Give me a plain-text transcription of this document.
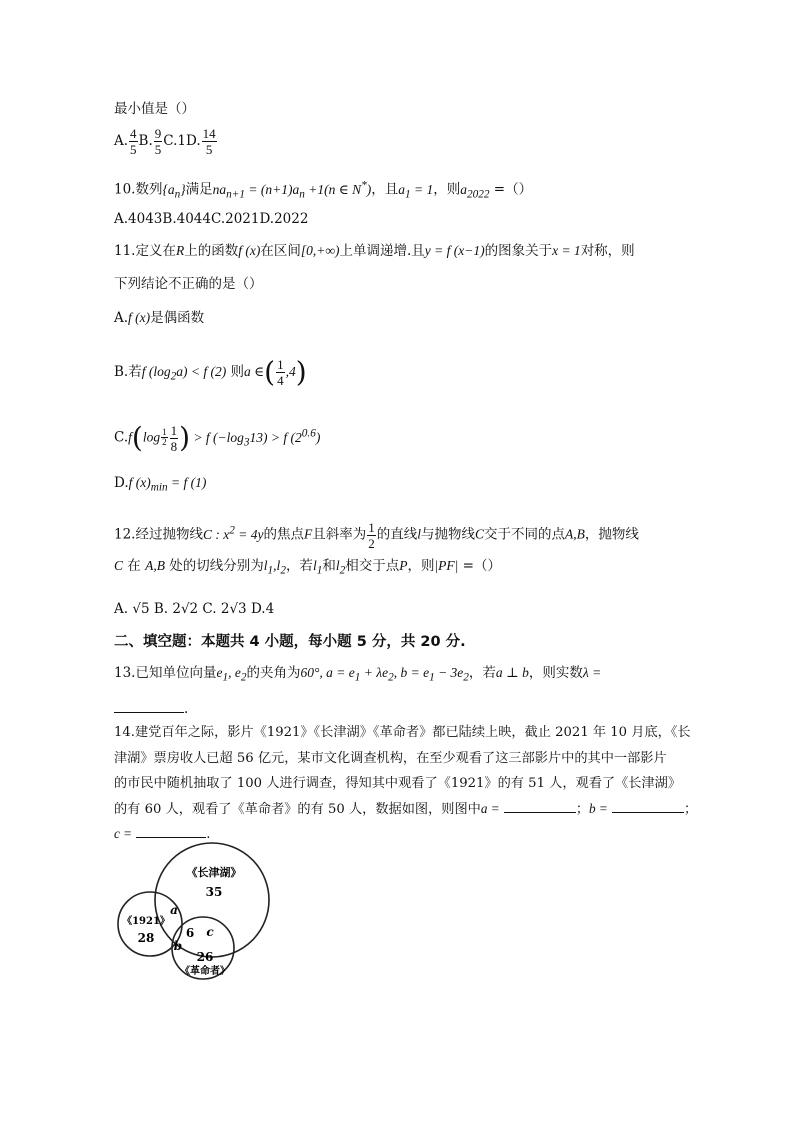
最小值是（）
A. $\frac{4}{5} B$. $\frac{9}{5} C.1D$. $\frac{14}{5}$
10.数列$\{a_n\}$满足$na_{n+1} = (n+1)a_n +1(n$ ∈ N*)，且$a_1 = 1$，则$a_{2022}$ =（）
A.4043B.4044C.2021D.2022
11.定义在R上的函数f (x)在区间[0,+∞)上单调递增.且y = f (x−1)的图象关于x = 1对称，则
下列结论不正确的是（）
A.f (x)是偶函数
B.若f $(\log_2a) < f$ (2) 则a ∈( $\frac{1}{4} ,4$)
$C.f(\log \frac{1}{2} \frac{1}{8}$ ) > f $(-\log_313) > f$ $(2^{0.6})$
D.f $(x)_{min} = f$ (1)
12.经过抛物线C : $x^2 = 4y$的焦点F且斜率为 $\frac{1}{2}$ 的直线l与抛物线C交于不同的点A,B，抛物线
C 在 A,B 处的切线分别为$l_1,l_2$，若$l_1$和$l_2$相交于点P，则|PF| =（）
A. √5 B. 2√2 C. 2√3 D.4
二、填空题：本题共 4 小题，每小题 5 分，共 20 分.
13.已知单位向量$e_1$, $e_2$的夹角为60°, $a = e_1 + \lambda e_2$, $b = e_1 - 3e_2$，若a ⊥ b，则实数λ =
.
14.建党百年之际，影片《1921》《长津湖》《革命者》都已陆续上映，截止 2021 年 10 月底，《长
津湖》票房收人已超 56 亿元，某市文化调查机构，在至少观看了这三部影片中的其中一部影片
的市民中随机抽取了 100 人进行调查，得知其中观看了《1921》的有 51 人，观看了《长津湖》
的有 60 人，观看了《革命者》的有 50 人，数据如图，则图中a =	；b =	；
c =	.
《长津湖》
35
《1921》
28
《革命者》
26
a
b
c
6
